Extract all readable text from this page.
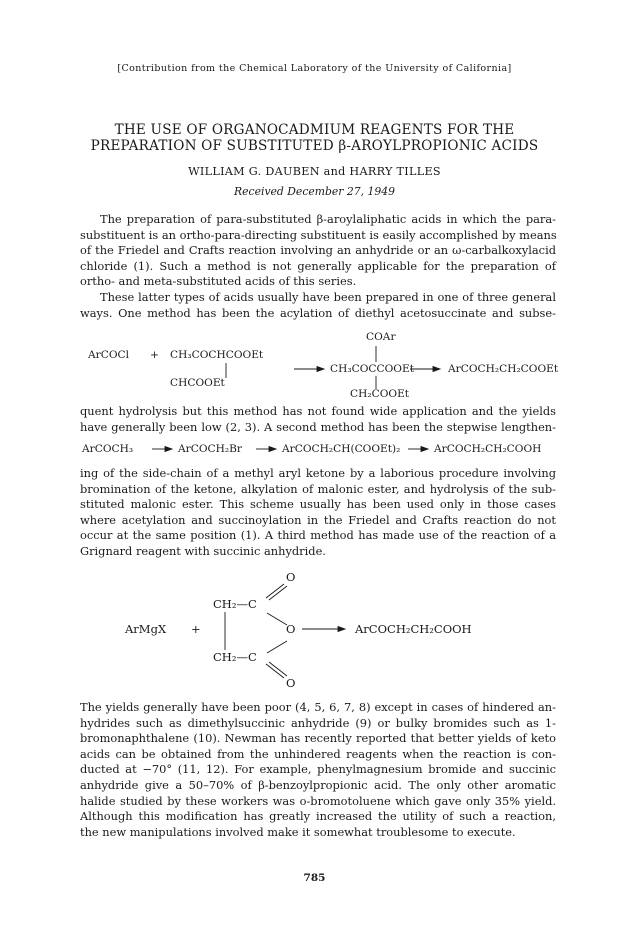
[Contribution from the Chemical Laboratory of the University of California]
THE USE OF ORGANOCADMIUM REAGENTS FOR THE PREPARATION OF SUBSTITUTED β-AROYLPROPIONIC ACIDS
WILLIAM G. DAUBEN and HARRY TILLES
Received December 27, 1949
The preparation of para-substituted β-aroylaliphatic acids in which the para-
substituent is an ortho-para-directing substituent is easily accomplished by means
of the Friedel and Crafts reaction involving an anhydride or an ω-carbalkoxylacid
chloride (1). Such a method is not generally applicable for the preparation of
ortho- and meta-substituted acids of this series.
These latter types of acids usually have been prepared in one of three general
ways. One method has been the acylation of diethyl acetosuccinate and subse-
COAr
ArCOCl + CH₃COCHCOOEt
CHCOOEt
CH₃COCCOOEt
CH₂COOEt
ArCOCH₂CH₂COOEt
quent hydrolysis but this method has not found wide application and the yields
have generally been low (2, 3). A second method has been the stepwise lengthen-
ArCOCH₃	ArCOCH₂Br	ArCOCH₂CH(COOEt)₂	ArCOCH₂CH₂COOH
ing of the side-chain of a methyl aryl ketone by a laborious procedure involving
bromination of the ketone, alkylation of malonic ester, and hydrolysis of the sub-
stituted malonic ester. This scheme usually has been used only in those cases
where acetylation and succinoylation in the Friedel and Crafts reaction do not
occur at the same position (1). A third method has made use of the reaction of a
Grignard reagent with succinic anhydride.
O
CH₂—C
ArMgX +	O	ArCOCH₂CH₂COOH
CH₂—C
O
The yields generally have been poor (4, 5, 6, 7, 8) except in cases of hindered an-
hydrides such as dimethylsuccinic anhydride (9) or bulky bromides such as 1-
bromonaphthalene (10). Newman has recently reported that better yields of keto
acids can be obtained from the unhindered reagents when the reaction is con-
ducted at −70° (11, 12). For example, phenylmagnesium bromide and succinic
anhydride give a 50–70% of β-benzoylpropionic acid. The only other aromatic
halide studied by these workers was o-bromotoluene which gave only 35% yield.
Although this modification has greatly increased the utility of such a reaction,
the new manipulations involved make it somewhat troublesome to execute.
785
